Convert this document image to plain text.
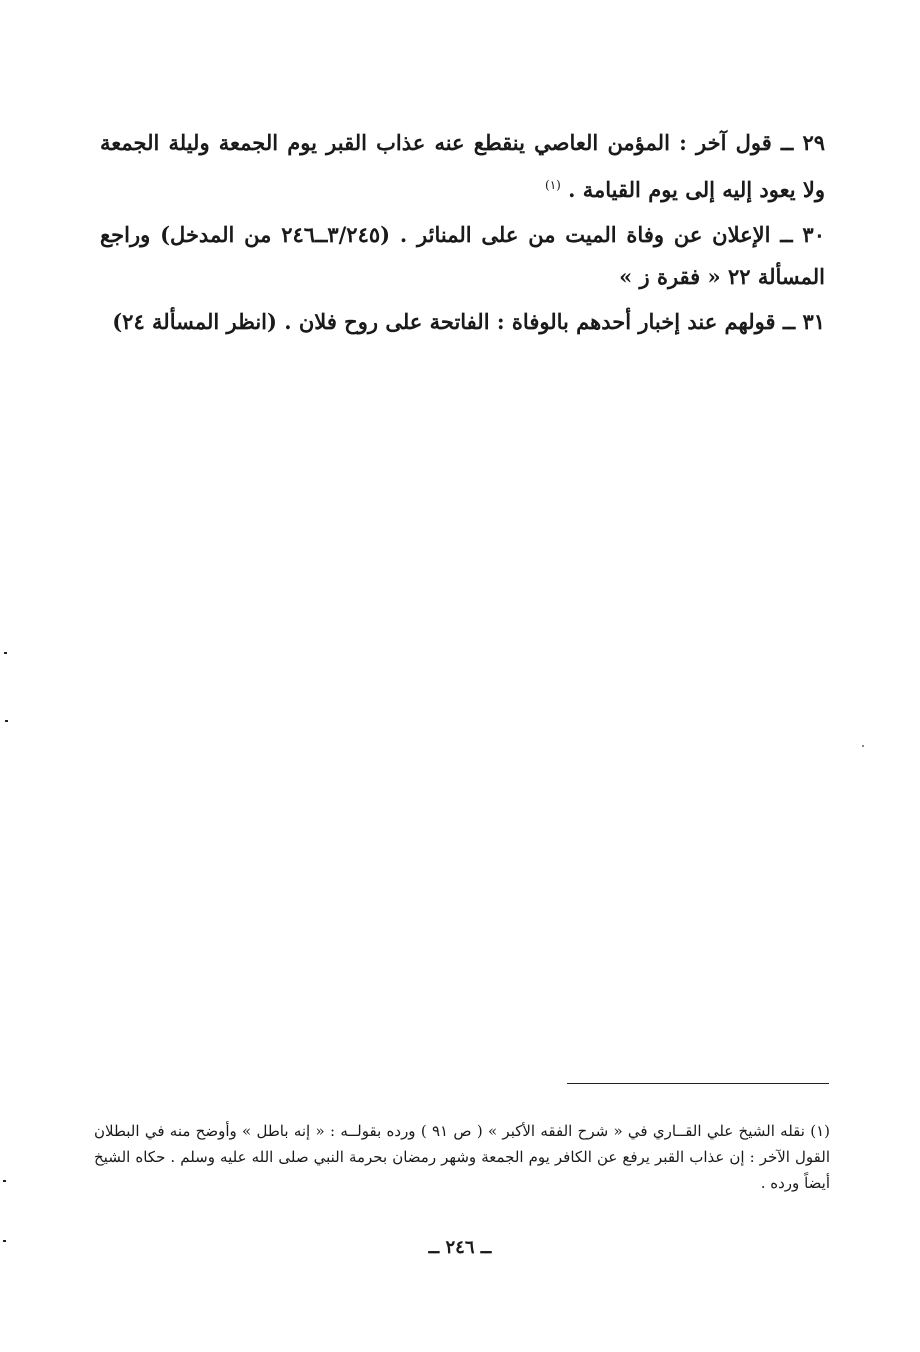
٢٩ ــ قول آخر : المؤمن العاصي ينقطع عنه عذاب القبر يوم الجمعة وليلة الجمعة ولا يعود إليه إلى يوم القيامة . $^{(١)}$

٣٠ ــ الإعلان عن وفاة الميت من على المنائر . (٣/٢٤٥ــ٢٤٦ من المدخل) وراجع المسألة ٢٢ « فقرة ز »

٣١ ــ قولهم عند إخبار أحدهم بالوفاة : الفاتحة على روح فلان . (انظر المسألة ٢٤)

(١) نقله الشيخ علي القــاري في « شرح الفقه الأكبر » ( ص ٩١ ) ورده بقولــه : « إنه باطل » وأوضح منه في البطلان القول الآخر : إن عذاب القبر يرفع عن الكافر يوم الجمعة وشهر رمضان بحرمة النبي صلى الله عليه وسلم . حكاه الشيخ أيضاً ورده .

ــ ٢٤٦ ــ
